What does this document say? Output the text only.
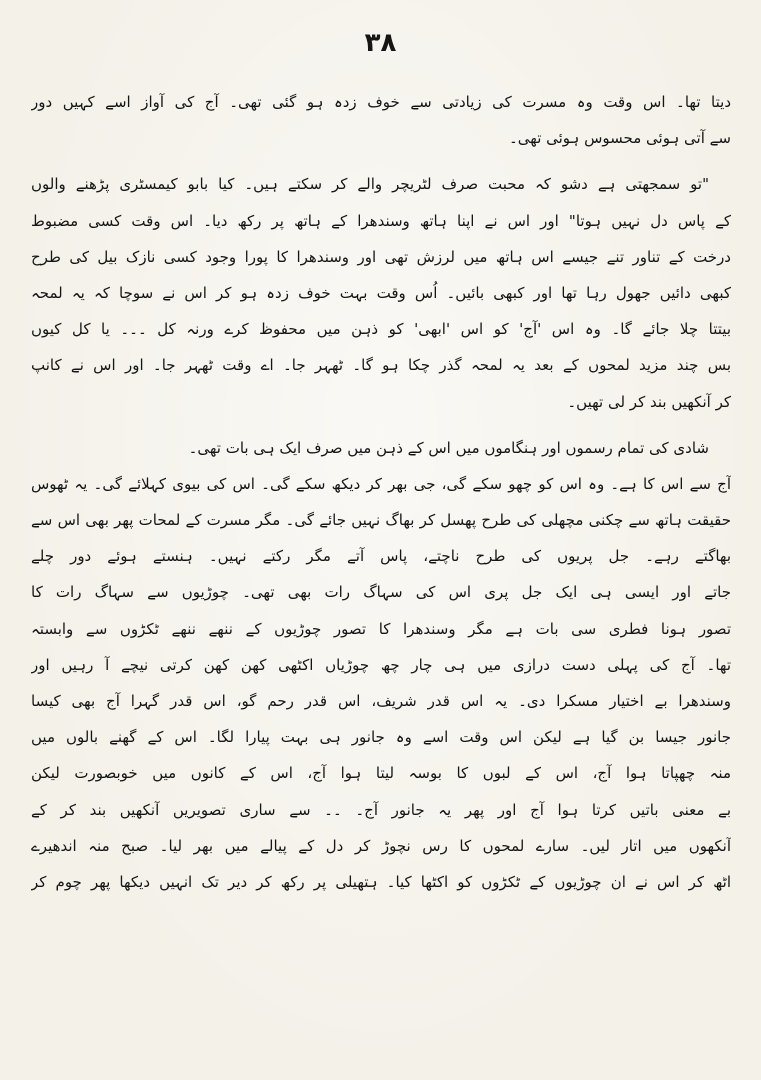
۳۸
دیتا تھا۔ اس وقت وہ مسرت کی زیادتی سے خوف زدہ ہو گئی تھی۔ آج کی آواز اسے کہیں دور
سے آتی ہوئی محسوس ہوئی تھی۔
"تو سمجھتی ہے دشو کہ محبت صرف لٹریچر والے کر سکتے ہیں۔ کیا بابو کیمسٹری پڑھنے والوں
کے پاس دل نہیں ہوتا" اور اس نے اپنا ہاتھ وسندھرا کے ہاتھ پر رکھ دیا۔ اس وقت کسی مضبوط
درخت کے تناور تنے جیسے اس ہاتھ میں لرزش تھی اور وسندھرا کا پورا وجود کسی نازک بیل کی طرح
کبھی دائیں جھول رہا تھا اور کبھی بائیں۔ اُس وقت بہت خوف زدہ ہو کر اس نے سوچا کہ یہ لمحہ
بیتتا چلا جائے گا۔ وہ اس 'آج' کو اس 'ابھی' کو ذہن میں محفوظ کرے ورنہ کل ۔۔۔ یا کل کیوں
بس چند مزید لمحوں کے بعد یہ لمحہ گذر چکا ہو گا۔ ٹھہر جا۔ اے وقت ٹھہر جا۔ اور اس نے کانپ
کر آنکھیں بند کر لی تھیں۔
شادی کی تمام رسموں اور ہنگاموں میں اس کے ذہن میں صرف ایک ہی بات تھی۔
آج سے اس کا ہے۔ وہ اس کو چھو سکے گی، جی بھر کر دیکھ سکے گی۔ اس کی بیوی کہلائے گی۔ یہ ٹھوس
حقیقت ہاتھ سے چکنی مچھلی کی طرح پھسل کر بھاگ نہیں جائے گی۔ مگر مسرت کے لمحات پھر بھی اس سے
بھاگتے رہے۔ جل پریوں کی طرح ناچتے، پاس آتے مگر رکتے نہیں۔ ہنستے ہوئے دور چلے
جاتے اور ایسی ہی ایک جل پری اس کی سہاگ رات بھی تھی۔ چوڑیوں سے سہاگ رات کا
تصور ہونا فطری سی بات ہے مگر وسندھرا کا تصور چوڑیوں کے ننھے ننھے ٹکڑوں سے وابستہ
تھا۔ آج کی پہلی دست درازی میں ہی چار چھ چوڑیاں اکٹھی کھن کھن کرتی نیچے آ رہیں اور
وسندھرا بے اختیار مسکرا دی۔ یہ اس قدر شریف، اس قدر رحم گو، اس قدر گہرا آج بھی کیسا
جانور جیسا بن گیا ہے لیکن اس وقت اسے وہ جانور ہی بہت پیارا لگا۔ اس کے گھنے بالوں میں
منہ چھپاتا ہوا آج، اس کے لبوں کا بوسہ لیتا ہوا آج، اس کے کانوں میں خوبصورت لیکن
بے معنی باتیں کرتا ہوا آج اور پھر یہ جانور آج۔ ۔۔ سے ساری تصویریں آنکھیں بند کر کے
آنکھوں میں اتار لیں۔ سارے لمحوں کا رس نچوڑ کر دل کے پیالے میں بھر لیا۔ صبح منہ اندھیرے
اٹھ کر اس نے ان چوڑیوں کے ٹکڑوں کو اکٹھا کیا۔ ہتھیلی پر رکھ کر دیر تک انہیں دیکھا پھر چوم کر
